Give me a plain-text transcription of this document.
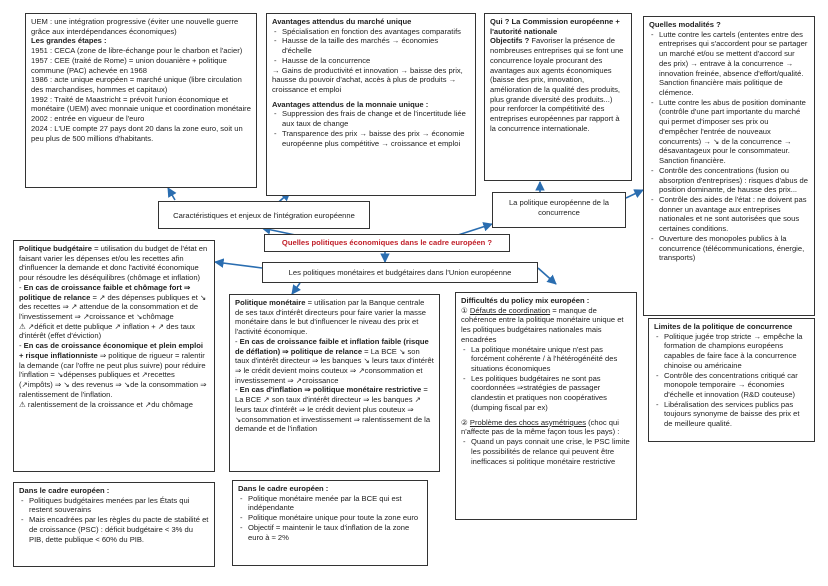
UEM : une intégration progressive (éviter une nouvelle guerre grâce aux interdépendances économiques)

Les grandes étapes :

1951 : CECA (zone de libre-échange pour le charbon et l'acier)

1957 : CEE (traité de Rome) = union douanière + politique commune (PAC) achevée en 1968

1986 : acte unique européen = marché unique (libre circulation des marchandises, hommes et capitaux)

1992 : Traité de Maastricht = prévoit l'union économique et monétaire (UEM) avec monnaie unique et coordination monétaire

2002 : entrée en vigueur de l'euro

2024 : L'UE compte 27 pays dont 20 dans la zone euro, soit un peu plus de 500 millions d'habitants.

Avantages attendus du marché unique

- Spécialisation en fonction des avantages comparatifs
- Hausse de la taille des marchés → économies d'échelle
- Hausse de la concurrence

→ Gains de productivité et innovation → baisse des prix, hausse du pouvoir d'achat, accès à plus de produits → croissance et emploi

Avantages attendus de la monnaie unique :

- Suppression des frais de change et de l'incertitude liée aux taux de change
- Transparence des prix → baisse des prix → économie européenne plus compétitive → croissance et emploi

Qui ? La Commission européenne + l'autorité nationale

Objectifs ? Favoriser la présence de nombreuses entreprises qui se font une concurrence loyale procurant des avantages aux agents économiques (baisse des prix, innovation, amélioration de la qualité des produits, plus grande diversité des produits...) pour renforcer la compétitivité des entreprises européennes par rapport à la concurrence internationale.

Quelles modalités ?

- Lutte contre les cartels (ententes entre des entreprises qui s'accordent pour se partager un marché et/ou se mettent d'accord sur des prix) → entrave à la concurrence → innovation freinée, absence d'effort/qualité. Sanction financière mais politique de clémence.
- Lutte contre les abus de position dominante (contrôle d'une part importante du marché qui permet d'imposer ses prix ou d'empêcher l'entrée de nouveaux concurrents) → ↘ de la concurrence → désavantageux pour le consommateur. Sanction financière.
- Contrôle des concentrations (fusion ou absorption d'entreprises) : risques d'abus de position dominante, de hausse des prix...
- Contrôle des aides de l'état : ne doivent pas donner un avantage aux entreprises nationales et ne sont autorisées que sous certaines conditions.
- Ouverture des monopoles publics à la concurrence (télécommunications, énergie, transports)

Limites de la politique de concurrence

- Politique jugée trop stricte → empêche la formation de champions européens capables de faire face à la concurrence chinoise ou américaine
- Contrôle des concentrations critiqué car monopole temporaire → économies d'échelle et innovation (R&D couteuse)
- Libéralisation des services publics pas toujours synonyme de baisse des prix et de meilleure qualité.
Caractéristiques et enjeux de l'intégration européenne
La politique européenne de la concurrence
Quelles politiques économiques dans le cadre européen ?
Les politiques monétaires et budgétaires dans l'Union européenne

Politique budgétaire = utilisation du budget de l'état en faisant varier les dépenses et/ou les recettes afin d'influencer la demande et donc l'activité économique pour résoudre les déséquilibres (chômage et inflation)

- En cas de croissance faible et chômage fort ⇒ politique de relance = ↗ des dépenses publiques et ↘ des recettes ⇒ ↗ attendue de la consommation et de l'investissement ⇒ ↗croissance et ↘chômage

⚠ ↗déficit et dette publique ↗ inflation + ↗ des taux d'intérêt (effet d'éviction)

- En cas de croissance économique et plein emploi + risque inflationniste ⇒ politique de rigueur = ralentir la demande (car l'offre ne peut plus suivre) pour réduire l'inflation = ↘dépenses publiques et ↗recettes (↗impôts) ⇒ ↘ des revenus ⇒ ↘de la consommation ⇒ ralentissement de l'inflation.

⚠ ralentissement de la croissance et ↗du chômage

Dans le cadre européen :

- Politiques budgétaires menées par les États qui restent souverains
- Mais encadrées par les règles du pacte de stabilité et de croissance (PSC) : déficit budgétaire < 3% du PIB, dette publique < 60% du PIB.

Politique monétaire = utilisation par la Banque centrale de ses taux d'intérêt directeurs pour faire varier la masse monétaire dans le but d'influencer le niveau des prix et l'activité économique.

- En cas de croissance faible et inflation faible (risque de déflation) ⇒ politique de relance = La BCE ↘ son taux d'intérêt directeur ⇒ les banques ↘ leurs taux d'intérêt ⇒ le crédit devient moins couteux ⇒ ↗consommation et investissement ⇒ ↗croissance

- En cas d'inflation ⇒ politique monétaire restrictive = La BCE ↗ son taux d'intérêt directeur ⇒ les banques ↗ leurs taux d'intérêt ⇒ le crédit devient plus couteux ⇒ ↘consommation et investissement ⇒ ralentissement de la demande et de l'inflation

Dans le cadre européen :

- Politique monétaire menée par la BCE qui est indépendante
- Politique monétaire unique pour toute la zone euro
- Objectif = maintenir le taux d'inflation de la zone euro à ≈ 2%

Difficultés du policy mix européen :

① Défauts de coordination = manque de cohérence entre la politique monétaire unique et les politiques budgétaires nationales mais encadrées

- La politique monétaire unique n'est pas forcément cohérente / à l'hétérogénéité des situations économiques
- Les politiques budgétaires ne sont pas coordonnées ⇒stratégies de passager clandestin et pratiques non coopératives (dumping fiscal par ex)

② Problème des chocs asymétriques (choc qui n'affecte pas de la même façon tous les pays) :

- Quand un pays connait une crise, le PSC limite les possibilités de relance qui peuvent être inefficaces si politique monétaire restrictive
